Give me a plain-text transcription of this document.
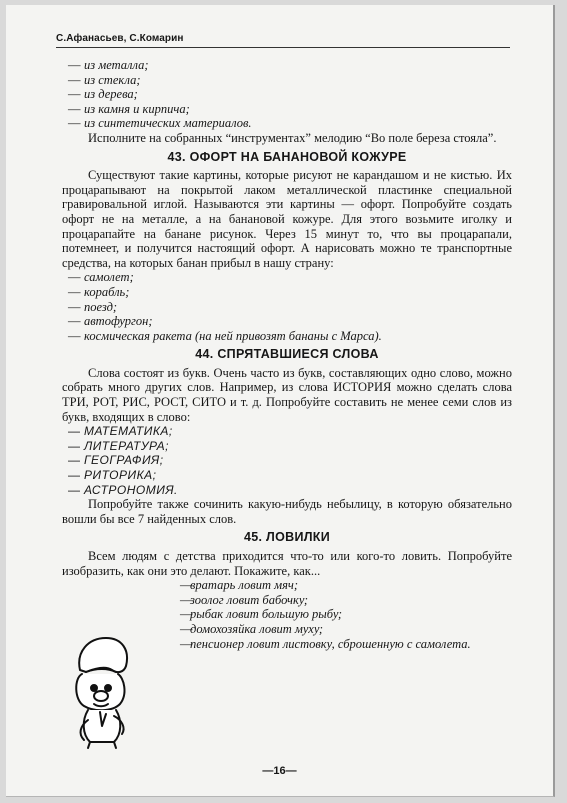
С.Афанасьев, С.Комарин

— из металла;

— из стекла;

— из дерева;

— из камня и кирпича;

— из синтетических материалов.

Исполните на собранных “инструментах” мелодию “Во поле береза стояла”.

43. ОФОРТ НА БАНАНОВОЙ КОЖУРЕ

Существуют такие картины, которые рисуют не карандашом и не кистью. Их процарапывают на покрытой лаком металлической пластинке специальной гравировальной иглой. Называются эти картины — офорт. Попробуйте создать офорт не на металле, а на банановой кожуре. Для этого возьмите иголку и процарапайте на банане рисунок. Через 15 минут то, что вы процарапали, потемнеет, и получится настоящий офорт. А нарисовать можно те транспортные средства, на которых банан прибыл в нашу страну:

— самолет;

— корабль;

— поезд;

— автофургон;

— космическая ракета (на ней привозят бананы с Марса).

44. СПРЯТАВШИЕСЯ СЛОВА

Слова состоят из букв. Очень часто из букв, составляющих одно слово, можно собрать много других слов. Например, из слова ИСТОРИЯ можно сделать слова ТРИ, РОТ, РИС, РОСТ, СИТО и т. д. Попробуйте составить не менее семи слов из букв, входящих в слово:

— МАТЕМАТИКА;

— ЛИТЕРАТУРА;

— ГЕОГРАФИЯ;

— РИТОРИКА;

— АСТРОНОМИЯ.

Попробуйте также сочинить какую-нибудь небылицу, в которую обязательно вошли бы все 7 найденных слов.

45. ЛОВИЛКИ

Всем людям с детства приходится что-то или кого-то ловить. Попробуйте изобразить, как они это делают. Покажите, как...

—вратарь ловит мяч;

—зоолог ловит бабочку;

—рыбак ловит большую рыбу;

—домохозяйка ловит муху;

—пенсионер ловит листовку, сброшенную с самолета.

—16—
